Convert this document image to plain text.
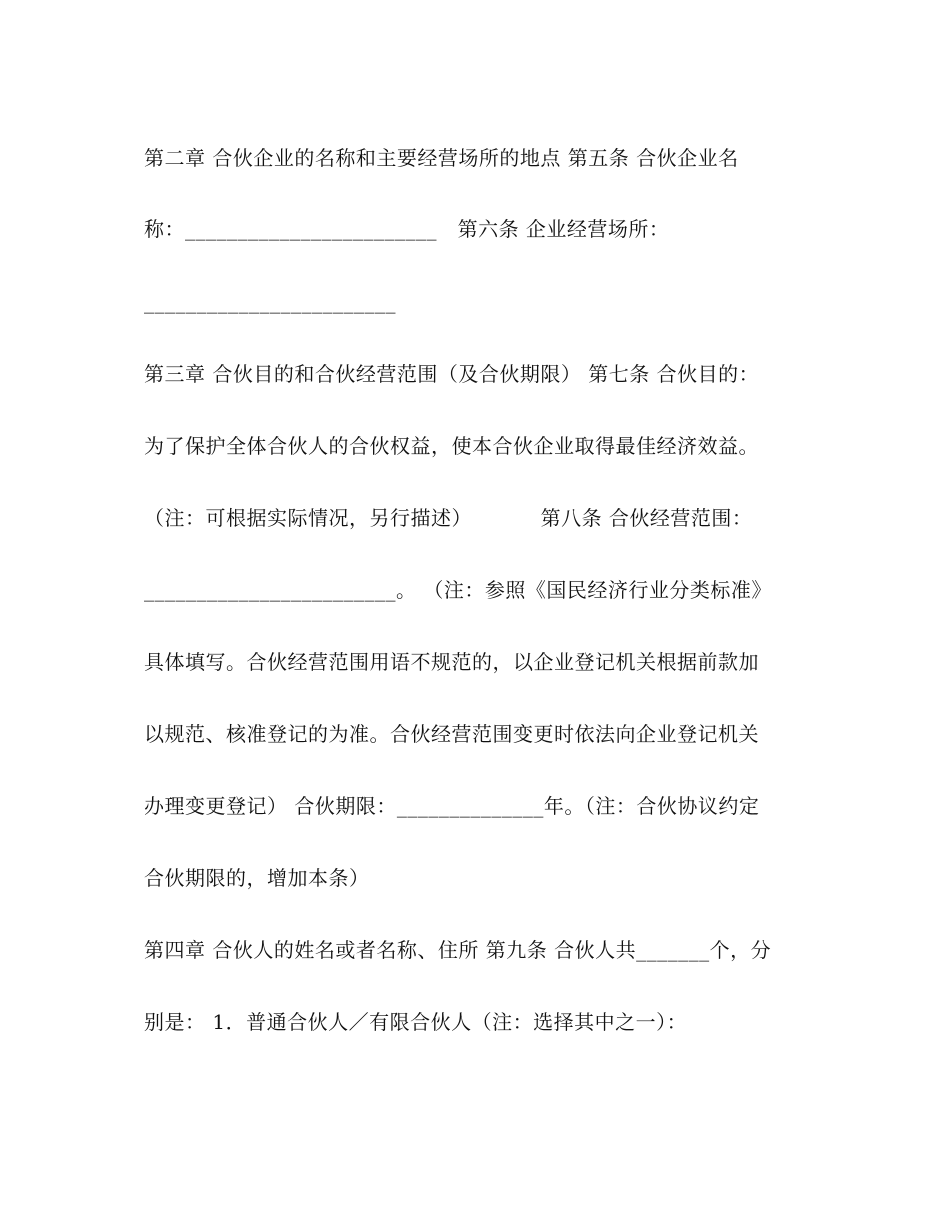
第二章 合伙企业的名称和主要经营场所的地点 第五条 合伙企业名
称：________________________   第六条 企业经营场所：
________________________
第三章 合伙目的和合伙经营范围（及合伙期限） 第七条 合伙目的：
为了保护全体合伙人的合伙权益，使本合伙企业取得最佳经济效益。
（注：可根据实际情况，另行描述）          第八条 合伙经营范围：
________________________。 （注：参照《国民经济行业分类标准》
具体填写。合伙经营范围用语不规范的，以企业登记机关根据前款加
以规范、核准登记的为准。合伙经营范围变更时依法向企业登记机关
办理变更登记） 合伙期限：______________年。（注：合伙协议约定
合伙期限的，增加本条）
第四章 合伙人的姓名或者名称、住所 第九条 合伙人共_______个，分
别是： 1．普通合伙人／有限合伙人（注：选择其中之一）：
